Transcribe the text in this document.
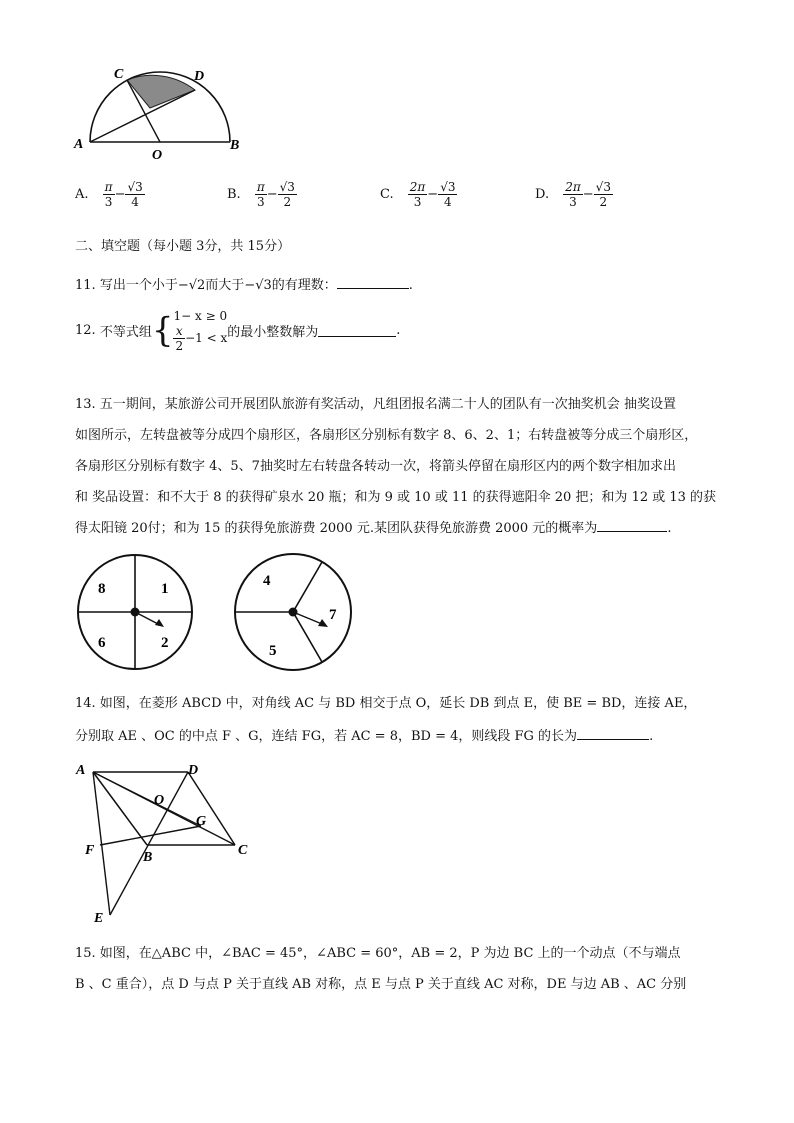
C	D
A
O
B
A. $\frac{\pi}{3} - \frac{√3}{4}$	B. $\frac{\pi}{3} - \frac{√3}{2}$	C. $\frac{2\pi}{3} - \frac{√3}{4}$	D. $\frac{2\pi}{3} - \frac{√3}{2}$
二、填空题（每小题 3分，共 15分）
11. 写出一个小于−√2而大于−√3的有理数：	.
12. 不等式组{ 1− x ≥ 0
$\frac{x}{2} -1 < x$ 的最小整数解为	.
13. 五一期间，某旅游公司开展团队旅游有奖活动，凡组团报名满二十人的团队有一次抽奖机会 抽奖设置
如图所示，左转盘被等分成四个扇形区，各扇形区分别标有数字 8、6、2、1；右转盘被等分成三个扇形区，
各扇形区分别标有数字 4、5、7抽奖时左右转盘各转动一次，将箭头停留在扇形区内的两个数字相加求出
和 奖品设置：和不大于 8 的获得矿泉水 20 瓶；和为 9 或 10 或 11 的获得遮阳伞 20 把；和为 12 或 13 的获
得太阳镜 20付；和为 15 的获得免旅游费 2000 元.某团队获得免旅游费 2000 元的概率为	.
8	1
6	2
4
7
5
14. 如图，在菱形 ABCD 中，对角线 AC 与 BD 相交于点 O，延长 DB 到点 E，使 BE = BD，连接 AE，
分别取 AE 、OC 的中点 F 、G，连结 FG，若 AC = 8，BD = 4，则线段 FG 的长为	.
A	D
O
G
F	B	C
E
15. 如图，在△ABC 中，∠BAC = 45°，∠ABC = 60°，AB = 2，P 为边 BC 上的一个动点（不与端点
B 、C 重合），点 D 与点 P 关于直线 AB 对称，点 E 与点 P 关于直线 AC 对称，DE 与边 AB 、AC 分别
